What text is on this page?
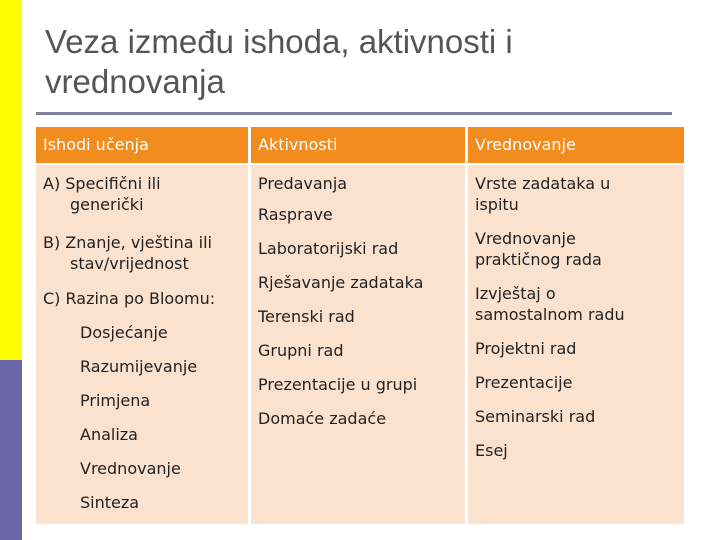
Veza između ishoda, aktivnosti i vrednovanja
Ishodi učenja	Aktivnosti	Vrednovanje

A) Specifični ili

generički

B) Znanje, vještina ili

stav/vrijednost

C) Razina po Bloomu:

Dosjećanje

Razumijevanje

Primjena

Analiza

Vrednovanje

Sinteza

Predavanja

Rasprave

Laboratorijski rad

Rješavanje zadataka

Terenski rad

Grupni rad

Prezentacije u grupi

Domaće zadaće

Vrste zadataka u

ispitu

Vrednovanje

praktičnog rada

Izvještaj o

samostalnom radu

Projektni rad

Prezentacije

Seminarski rad

Esej
